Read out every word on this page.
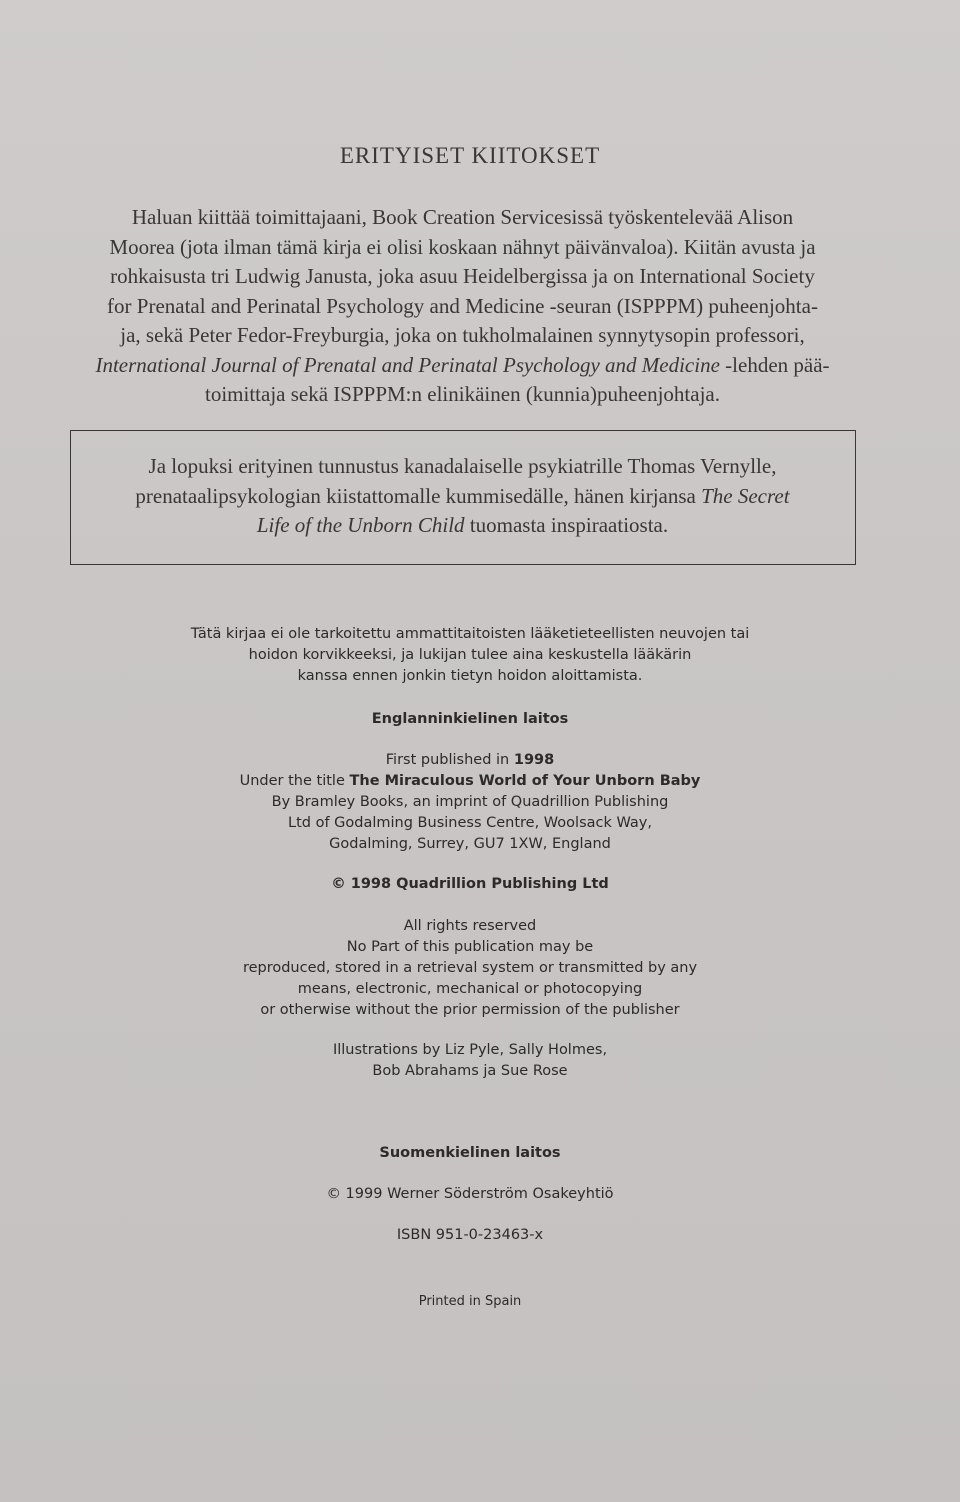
ERITYISET KIITOKSET
Haluan kiittää toimittajaani, Book Creation Servicesissä työskentelevää Alison
Moorea (jota ilman tämä kirja ei olisi koskaan nähnyt päivänvaloa). Kiitän avusta ja
rohkaisusta tri Ludwig Janusta, joka asuu Heidelbergissa ja on International Society
for Prenatal and Perinatal Psychology and Medicine -seuran (ISPPPM) puheenjohta-
ja, sekä Peter Fedor-Freyburgia, joka on tukholmalainen synnytysopin professori,
International Journal of Prenatal and Perinatal Psychology and Medicine -lehden pää-
toimittaja sekä ISPPPM:n elinikäinen (kunnia)puheenjohtaja.
Ja lopuksi erityinen tunnustus kanadalaiselle psykiatrille Thomas Vernylle,
prenataalipsykologian kiistattomalle kummisedälle, hänen kirjansa The Secret
Life of the Unborn Child tuomasta inspiraatiosta.
Tätä kirjaa ei ole tarkoitettu ammattitaitoisten lääketieteellisten neuvojen tai
hoidon korvikkeeksi, ja lukijan tulee aina keskustella lääkärin
kanssa ennen jonkin tietyn hoidon aloittamista.
Englanninkielinen laitos
First published in 1998
Under the title The Miraculous World of Your Unborn Baby
By Bramley Books, an imprint of Quadrillion Publishing
Ltd of Godalming Business Centre, Woolsack Way,
Godalming, Surrey, GU7 1XW, England
© 1998 Quadrillion Publishing Ltd
All rights reserved
No Part of this publication may be
reproduced, stored in a retrieval system or transmitted by any
means, electronic, mechanical or photocopying
or otherwise without the prior permission of the publisher
Illustrations by Liz Pyle, Sally Holmes,
Bob Abrahams ja Sue Rose
Suomenkielinen laitos
© 1999 Werner Söderström Osakeyhtiö
ISBN 951-0-23463-x
Printed in Spain
